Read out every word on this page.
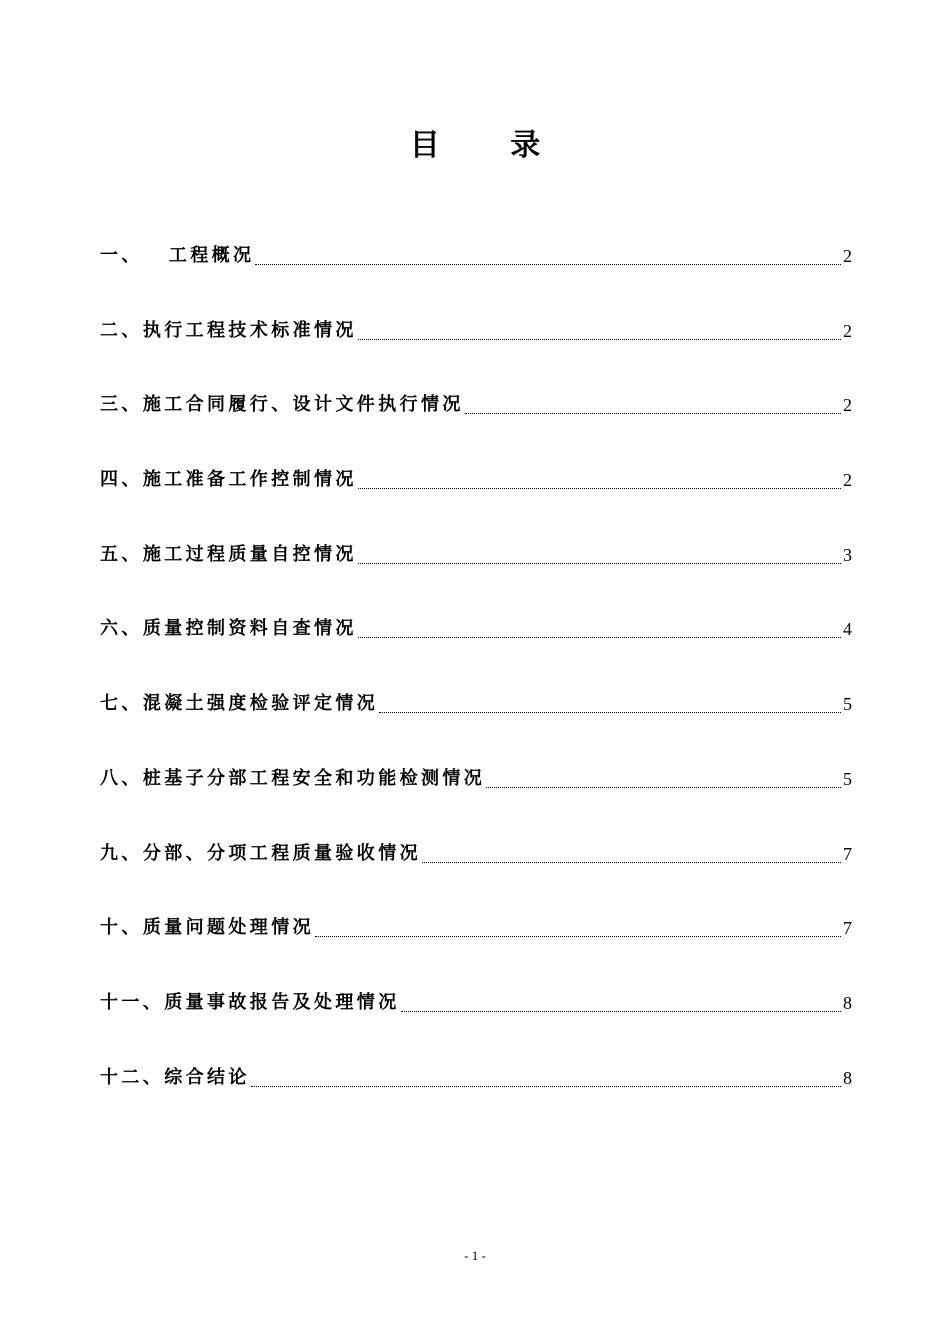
目 录
一、 工程概况	2
二、执行工程技术标准情况	2
三、施工合同履行、设计文件执行情况	2
四、施工准备工作控制情况	2
五、施工过程质量自控情况	3
六、质量控制资料自查情况	4
七、混凝土强度检验评定情况	5
八、桩基子分部工程安全和功能检测情况	5
九、分部、分项工程质量验收情况	7
十、质量问题处理情况	7
十一、质量事故报告及处理情况	8
十二、综合结论	8
- 1 -
